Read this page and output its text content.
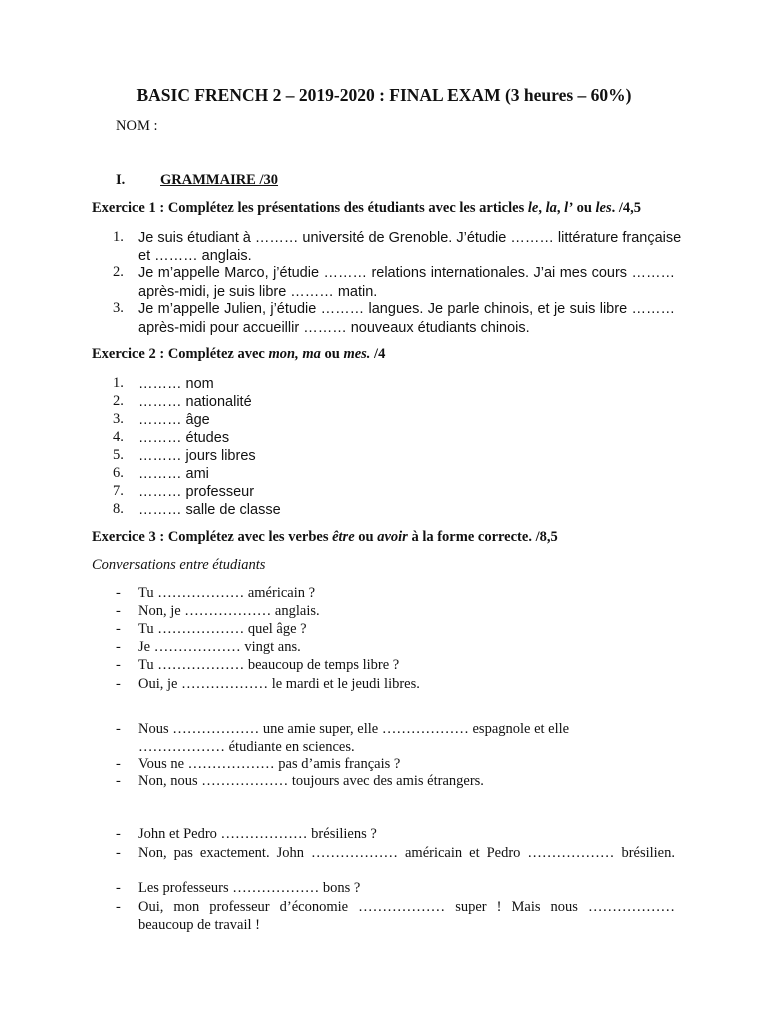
BASIC FRENCH 2 – 2019-2020 : FINAL EXAM (3 heures – 60%)
NOM :
I. GRAMMAIRE /30
Exercice 1 : Complétez les présentations des étudiants avec les articles le, la, l’ ou les. /4,5
1. Je suis étudiant à ……… université de Grenoble. J’étudie ……… littérature française
et ……… anglais.
2. Je m’appelle Marco, j’étudie ……… relations internationales. J’ai mes cours ………
après-midi, je suis libre ……… matin.
3. Je m’appelle Julien, j’étudie ……… langues. Je parle chinois, et je suis libre ………
après-midi pour accueillir ……… nouveaux étudiants chinois.
Exercice 2 : Complétez avec mon, ma ou mes. /4
1. ……… nom
2. ……… nationalité
3. ……… âge
4. ……… études
5. ……… jours libres
6. ……… ami
7. ……… professeur
8. ……… salle de classe
Exercice 3 : Complétez avec les verbes être ou avoir à la forme correcte. /8,5
Conversations entre étudiants
- Tu ……………… américain ?
- Non, je ……………… anglais.
- Tu ……………… quel âge ?
- Je ……………… vingt ans.
- Tu ……………… beaucoup de temps libre ?
- Oui, je ……………… le mardi et le jeudi libres.
- Nous ……………… une amie super, elle ……………… espagnole et elle
……………… étudiante en sciences.
- Vous ne ……………… pas d’amis français ?
- Non, nous ……………… toujours avec des amis étrangers.
- John et Pedro ……………… brésiliens ?
- Non, pas exactement. John ……………… américain et Pedro ……………… brésilien.
- Les professeurs ……………… bons ?
- Oui, mon professeur d’économie ……………… super ! Mais nous ………………
beaucoup de travail !
